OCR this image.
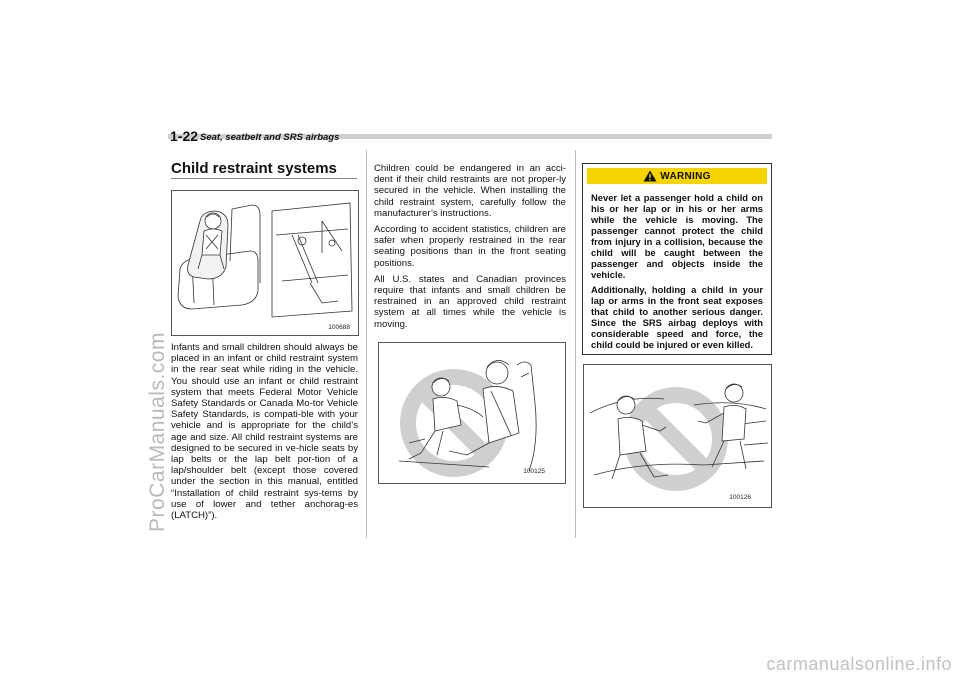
1-22 Seat, seatbelt and SRS airbags
ProCarManuals.com
Child restraint systems
100688

Infants and small children should always be placed in an infant or child restraint system in the rear seat while riding in the vehicle. You should use an infant or child restraint system that meets Federal Motor Vehicle Safety Standards or Canada Mo-tor Vehicle Safety Standards, is compati-ble with your vehicle and is appropriate for the child’s age and size. All child restraint systems are designed to be secured in ve-hicle seats by lap belts or the lap belt por-tion of a lap/shoulder belt (except those covered under the section in this manual, entitled “Installation of child restraint sys-tems by use of lower and tether anchorag-es (LATCH)”).

Children could be endangered in an acci-dent if their child restraints are not proper-ly secured in the vehicle. When installing the child restraint system, carefully follow the manufacturer’s instructions.

According to accident statistics, children are safer when properly restrained in the rear seating positions than in the front seating positions.

All U.S. states and Canadian provinces require that infants and small children be restrained in an approved child restraint system at all times while the vehicle is moving.

100125
WARNING

Never let a passenger hold a child on his or her lap or in his or her arms while the vehicle is moving. The passenger cannot protect the child from injury in a collision, because the child will be caught between the passenger and objects inside the vehicle.

Additionally, holding a child in your lap or arms in the front seat exposes that child to another serious danger. Since the SRS airbag deploys with considerable speed and force, the child could be injured or even killed.

100126
carmanualsonline.info
